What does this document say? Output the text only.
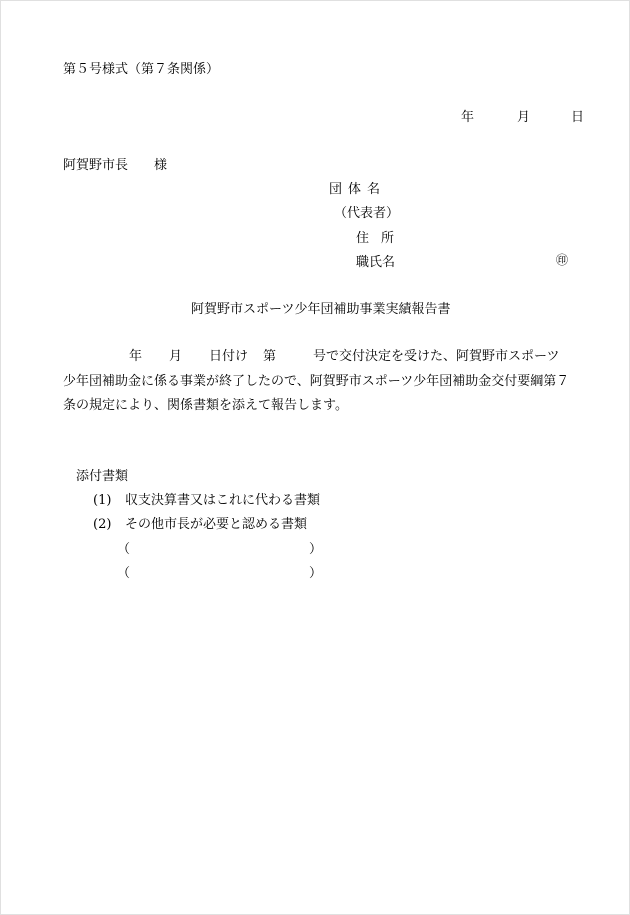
第５号様式（第７条関係）
年	月	日
阿賀野市長　　様
団体名
（代表者）
住所
職氏名	㊞
阿賀野市スポーツ少年団補助事業実績報告書
年 月 日付け 第	号で交付決定を受けた、阿賀野市スポーツ
少年団補助金に係る事業が終了したので、阿賀野市スポーツ少年団補助金交付要綱第７
条の規定により、関係書類を添えて報告します。
添付書類
(1) 収支決算書又はこれに代わる書類
(2) その他市長が必要と認める書類
（	）
（	）
